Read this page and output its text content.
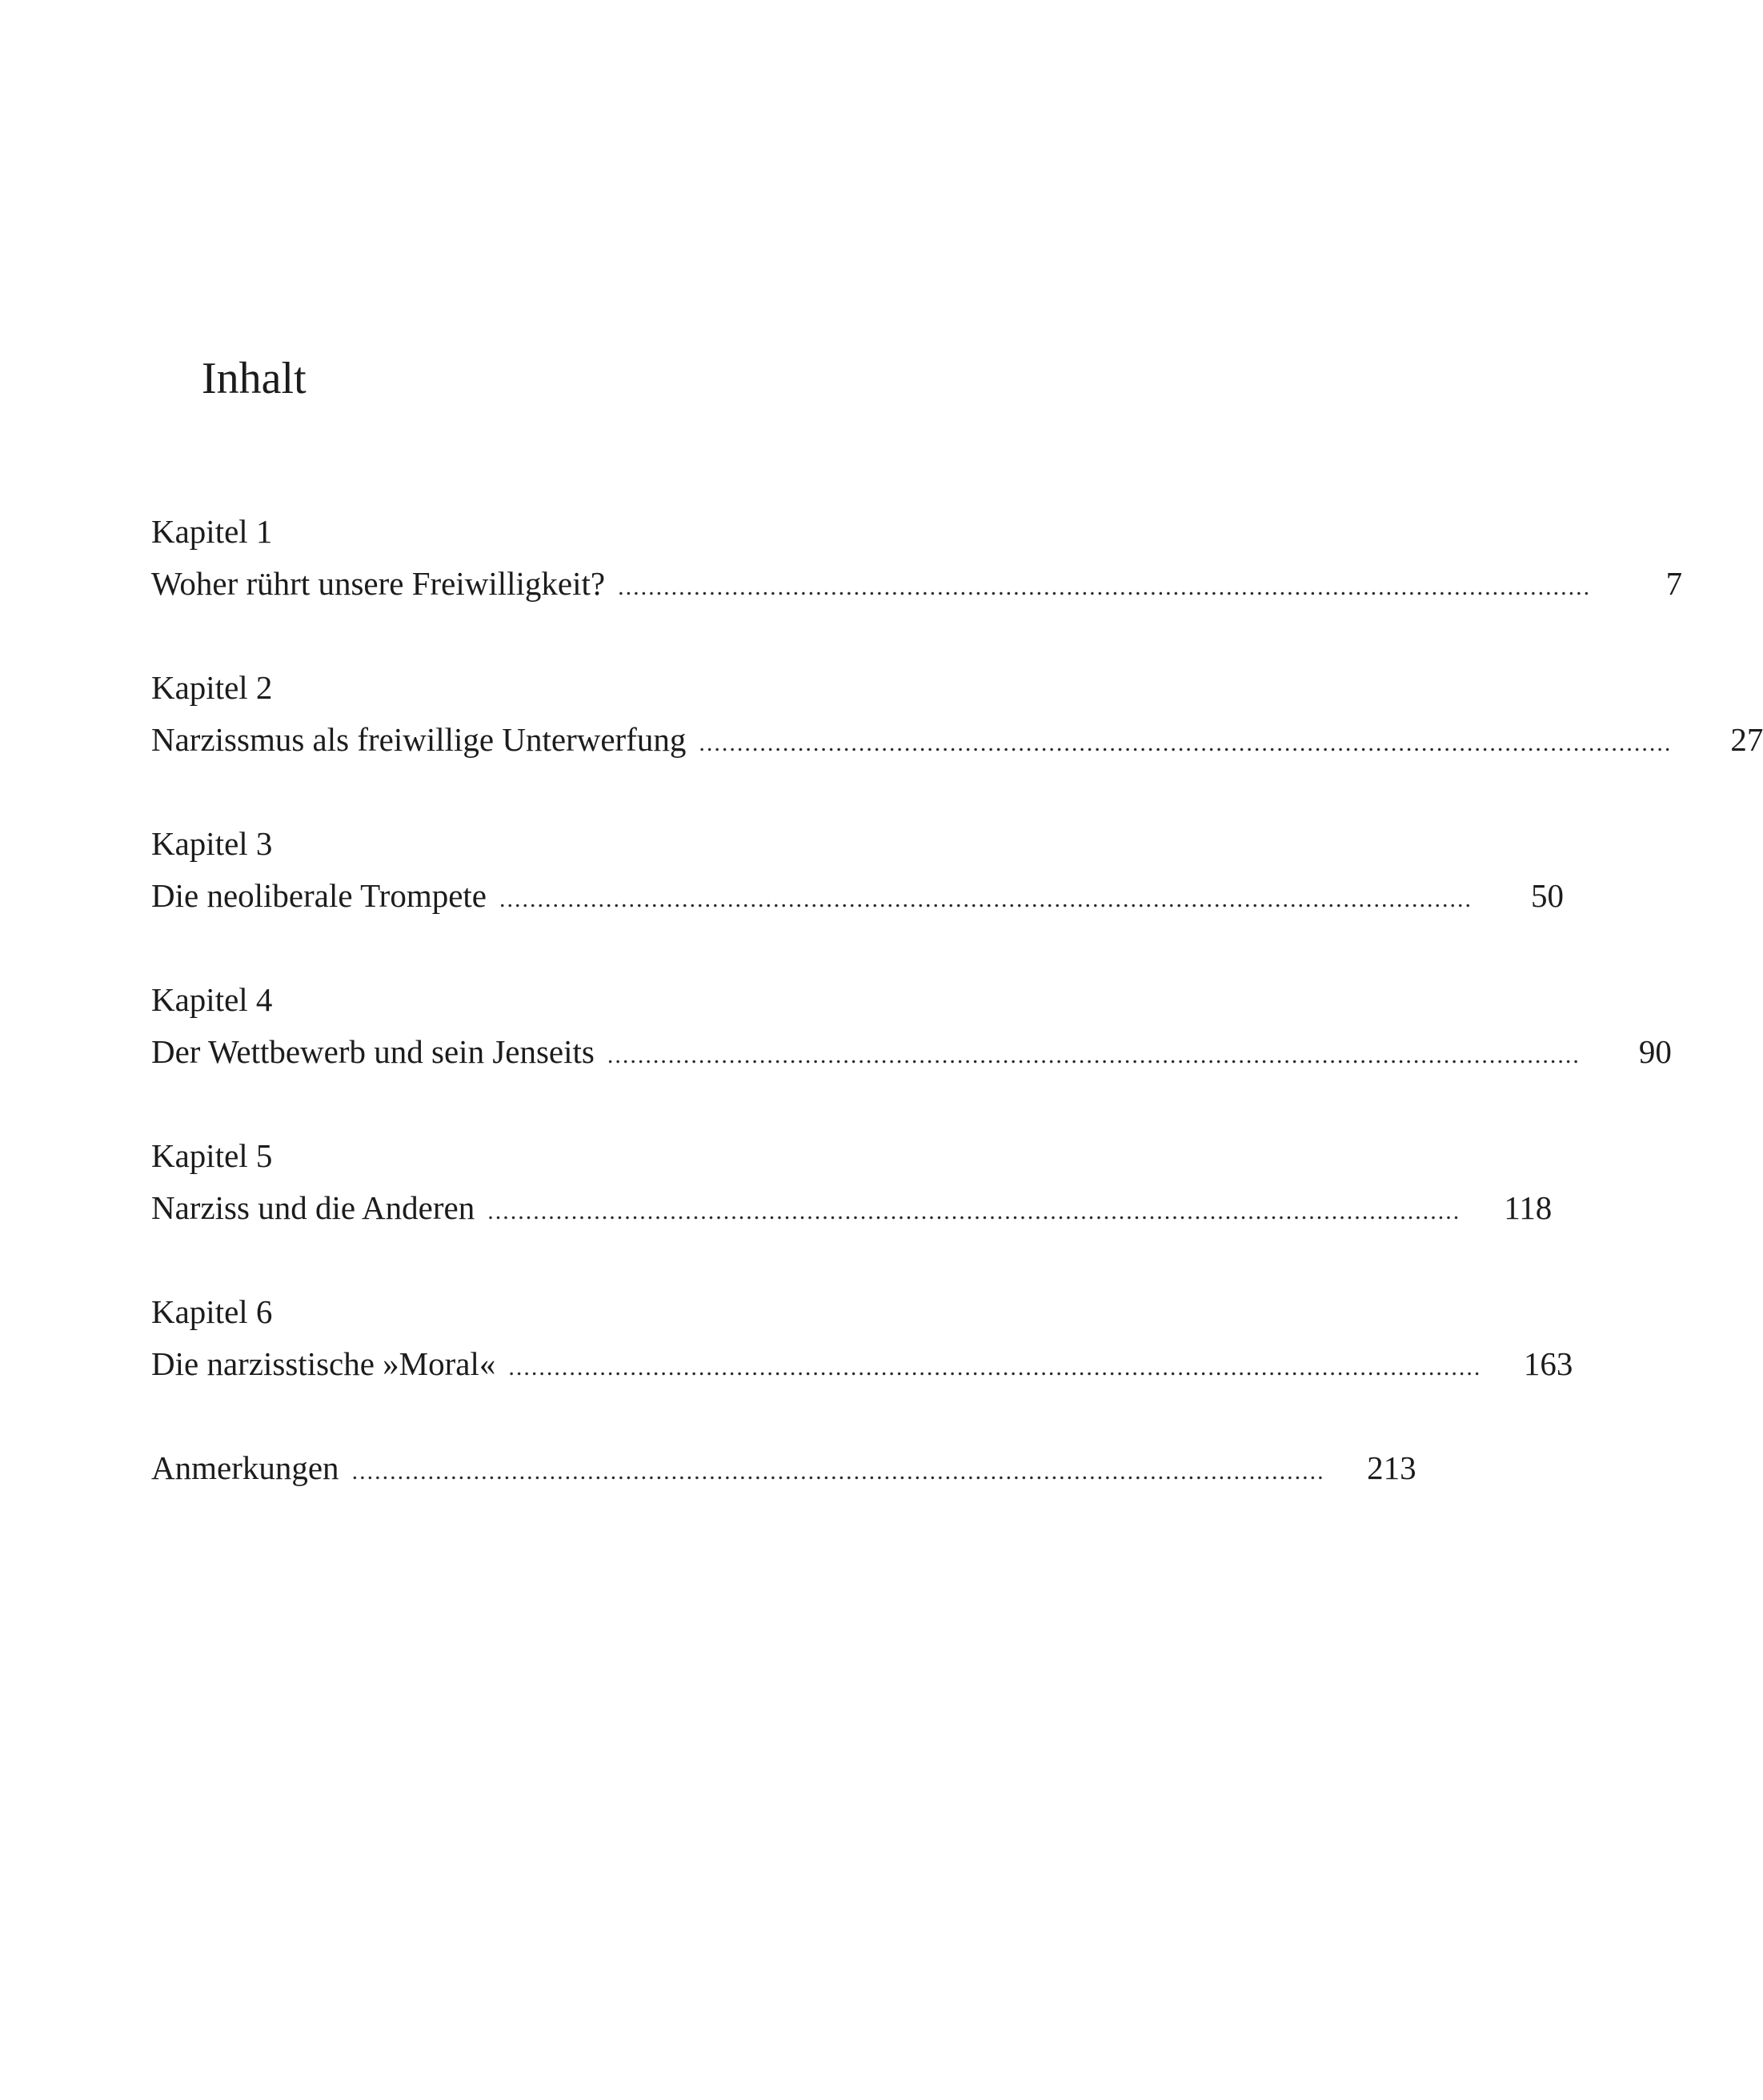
Inhalt
Kapitel 1
Woher rührt unsere Freiwilligkeit? ................................................................................................................................	7
Kapitel 2
Narzissmus als freiwillige Unterwerfung ................................................................................................................................	27
Kapitel 3
Die neoliberale Trompete ................................................................................................................................	50
Kapitel 4
Der Wettbewerb und sein Jenseits ................................................................................................................................	90
Kapitel 5
Narziss und die Anderen ................................................................................................................................ 118
Kapitel 6
Die narzisstische »Moral« ................................................................................................................................ 163
Anmerkungen ................................................................................................................................ 213
